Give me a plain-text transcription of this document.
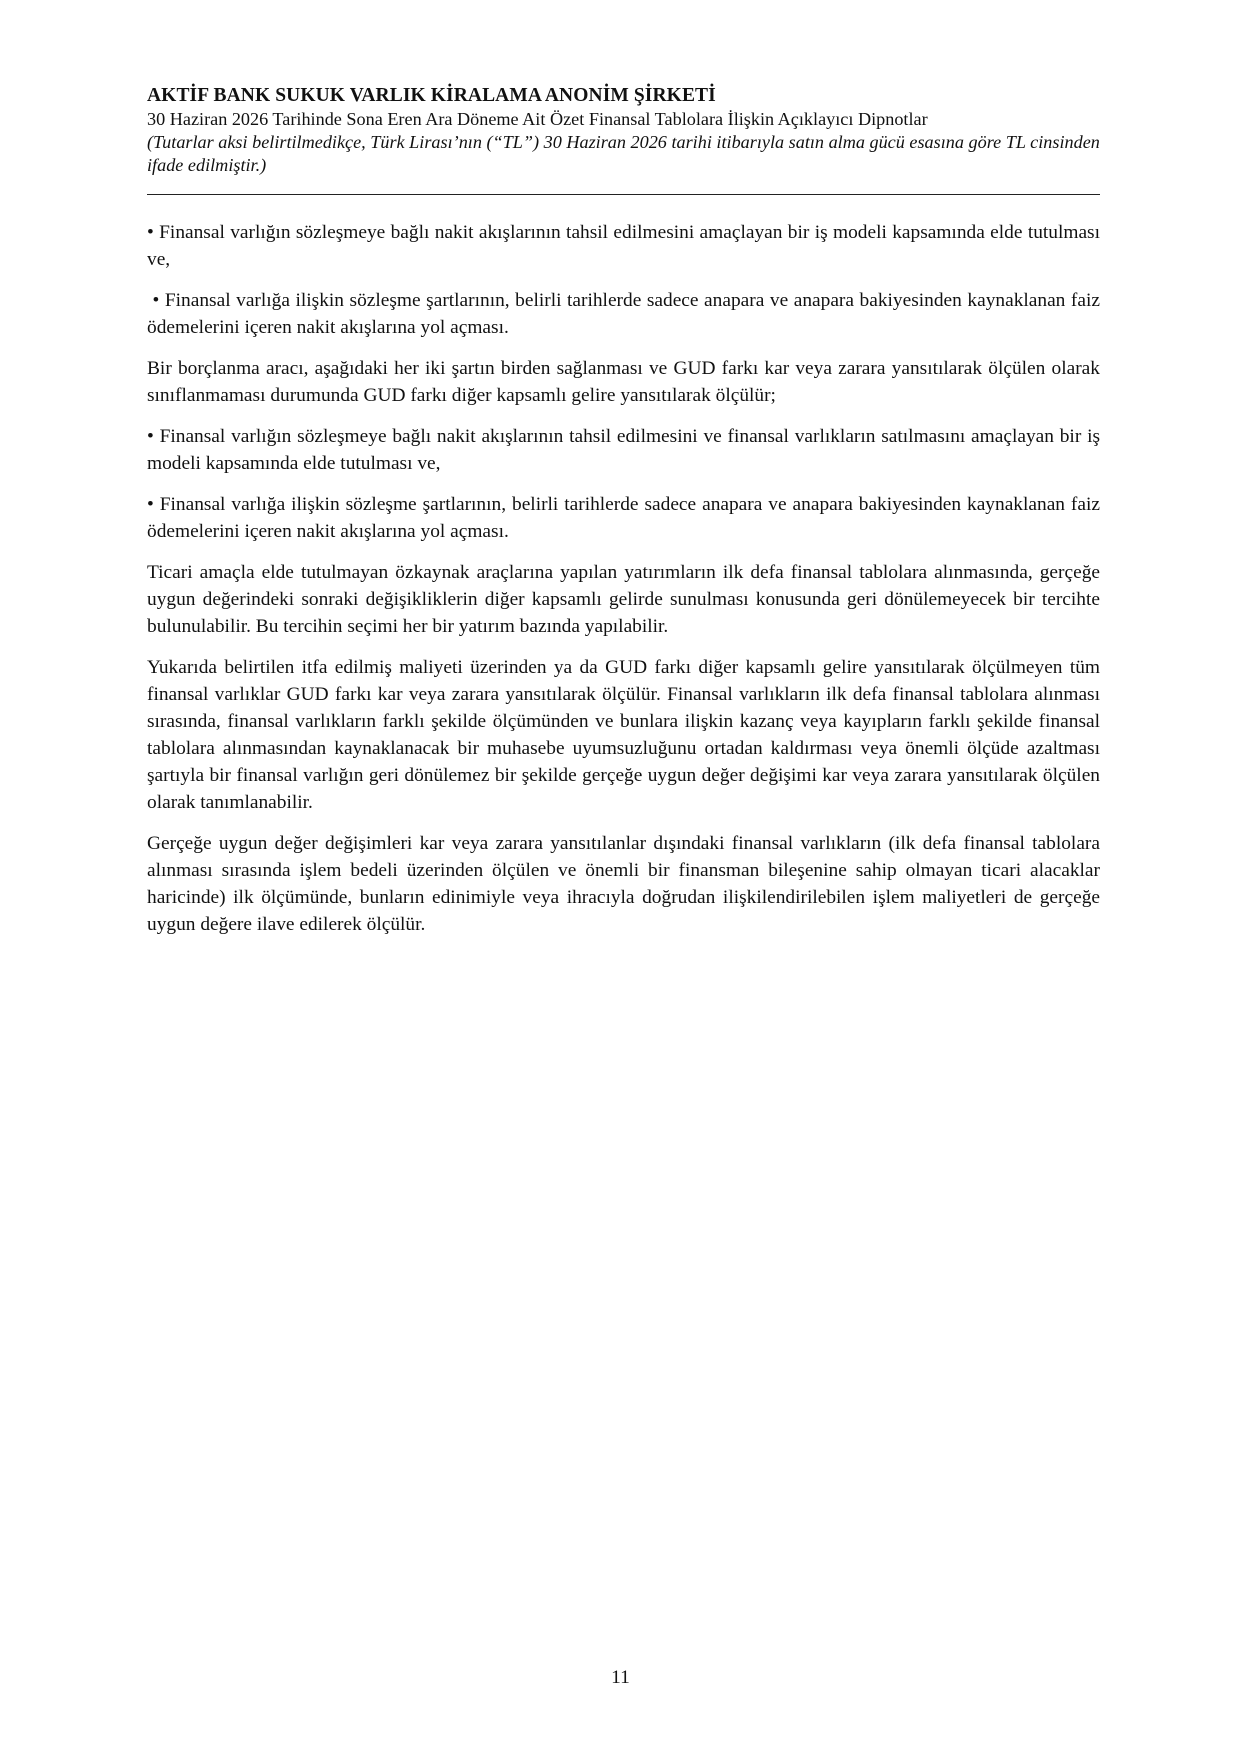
AKTİF BANK SUKUK VARLIK KİRALAMA ANONİM ŞİRKETİ
30 Haziran 2026 Tarihinde Sona Eren Ara Döneme Ait Özet Finansal Tablolara İlişkin Açıklayıcı Dipnotlar
(Tutarlar aksi belirtilmedikçe, Türk Lirası’nın (“TL”) 30 Haziran 2026 tarihi itibarıyla satın alma gücü esasına göre TL cinsinden ifade edilmiştir.)

• Finansal varlığın sözleşmeye bağlı nakit akışlarının tahsil edilmesini amaçlayan bir iş modeli kapsamında elde tutulması ve,

• Finansal varlığa ilişkin sözleşme şartlarının, belirli tarihlerde sadece anapara ve anapara bakiyesinden kaynaklanan faiz ödemelerini içeren nakit akışlarına yol açması.

Bir borçlanma aracı, aşağıdaki her iki şartın birden sağlanması ve GUD farkı kar veya zarara yansıtılarak ölçülen olarak sınıflanmaması durumunda GUD farkı diğer kapsamlı gelire yansıtılarak ölçülür;

• Finansal varlığın sözleşmeye bağlı nakit akışlarının tahsil edilmesini ve finansal varlıkların satılmasını amaçlayan bir iş modeli kapsamında elde tutulması ve,

• Finansal varlığa ilişkin sözleşme şartlarının, belirli tarihlerde sadece anapara ve anapara bakiyesinden kaynaklanan faiz ödemelerini içeren nakit akışlarına yol açması.

Ticari amaçla elde tutulmayan özkaynak araçlarına yapılan yatırımların ilk defa finansal tablolara alınmasında, gerçeğe uygun değerindeki sonraki değişikliklerin diğer kapsamlı gelirde sunulması konusunda geri dönülemeyecek bir tercihte bulunulabilir. Bu tercihin seçimi her bir yatırım bazında yapılabilir.

Yukarıda belirtilen itfa edilmiş maliyeti üzerinden ya da GUD farkı diğer kapsamlı gelire yansıtılarak ölçülmeyen tüm finansal varlıklar GUD farkı kar veya zarara yansıtılarak ölçülür. Finansal varlıkların ilk defa finansal tablolara alınması sırasında, finansal varlıkların farklı şekilde ölçümünden ve bunlara ilişkin kazanç veya kayıpların farklı şekilde finansal tablolara alınmasından kaynaklanacak bir muhasebe uyumsuzluğunu ortadan kaldırması veya önemli ölçüde azaltması şartıyla bir finansal varlığın geri dönülemez bir şekilde gerçeğe uygun değer değişimi kar veya zarara yansıtılarak ölçülen olarak tanımlanabilir.

Gerçeğe uygun değer değişimleri kar veya zarara yansıtılanlar dışındaki finansal varlıkların (ilk defa finansal tablolara alınması sırasında işlem bedeli üzerinden ölçülen ve önemli bir finansman bileşenine sahip olmayan ticari alacaklar haricinde) ilk ölçümünde, bunların edinimiyle veya ihracıyla doğrudan ilişkilendirilebilen işlem maliyetleri de gerçeğe uygun değere ilave edilerek ölçülür.

11
